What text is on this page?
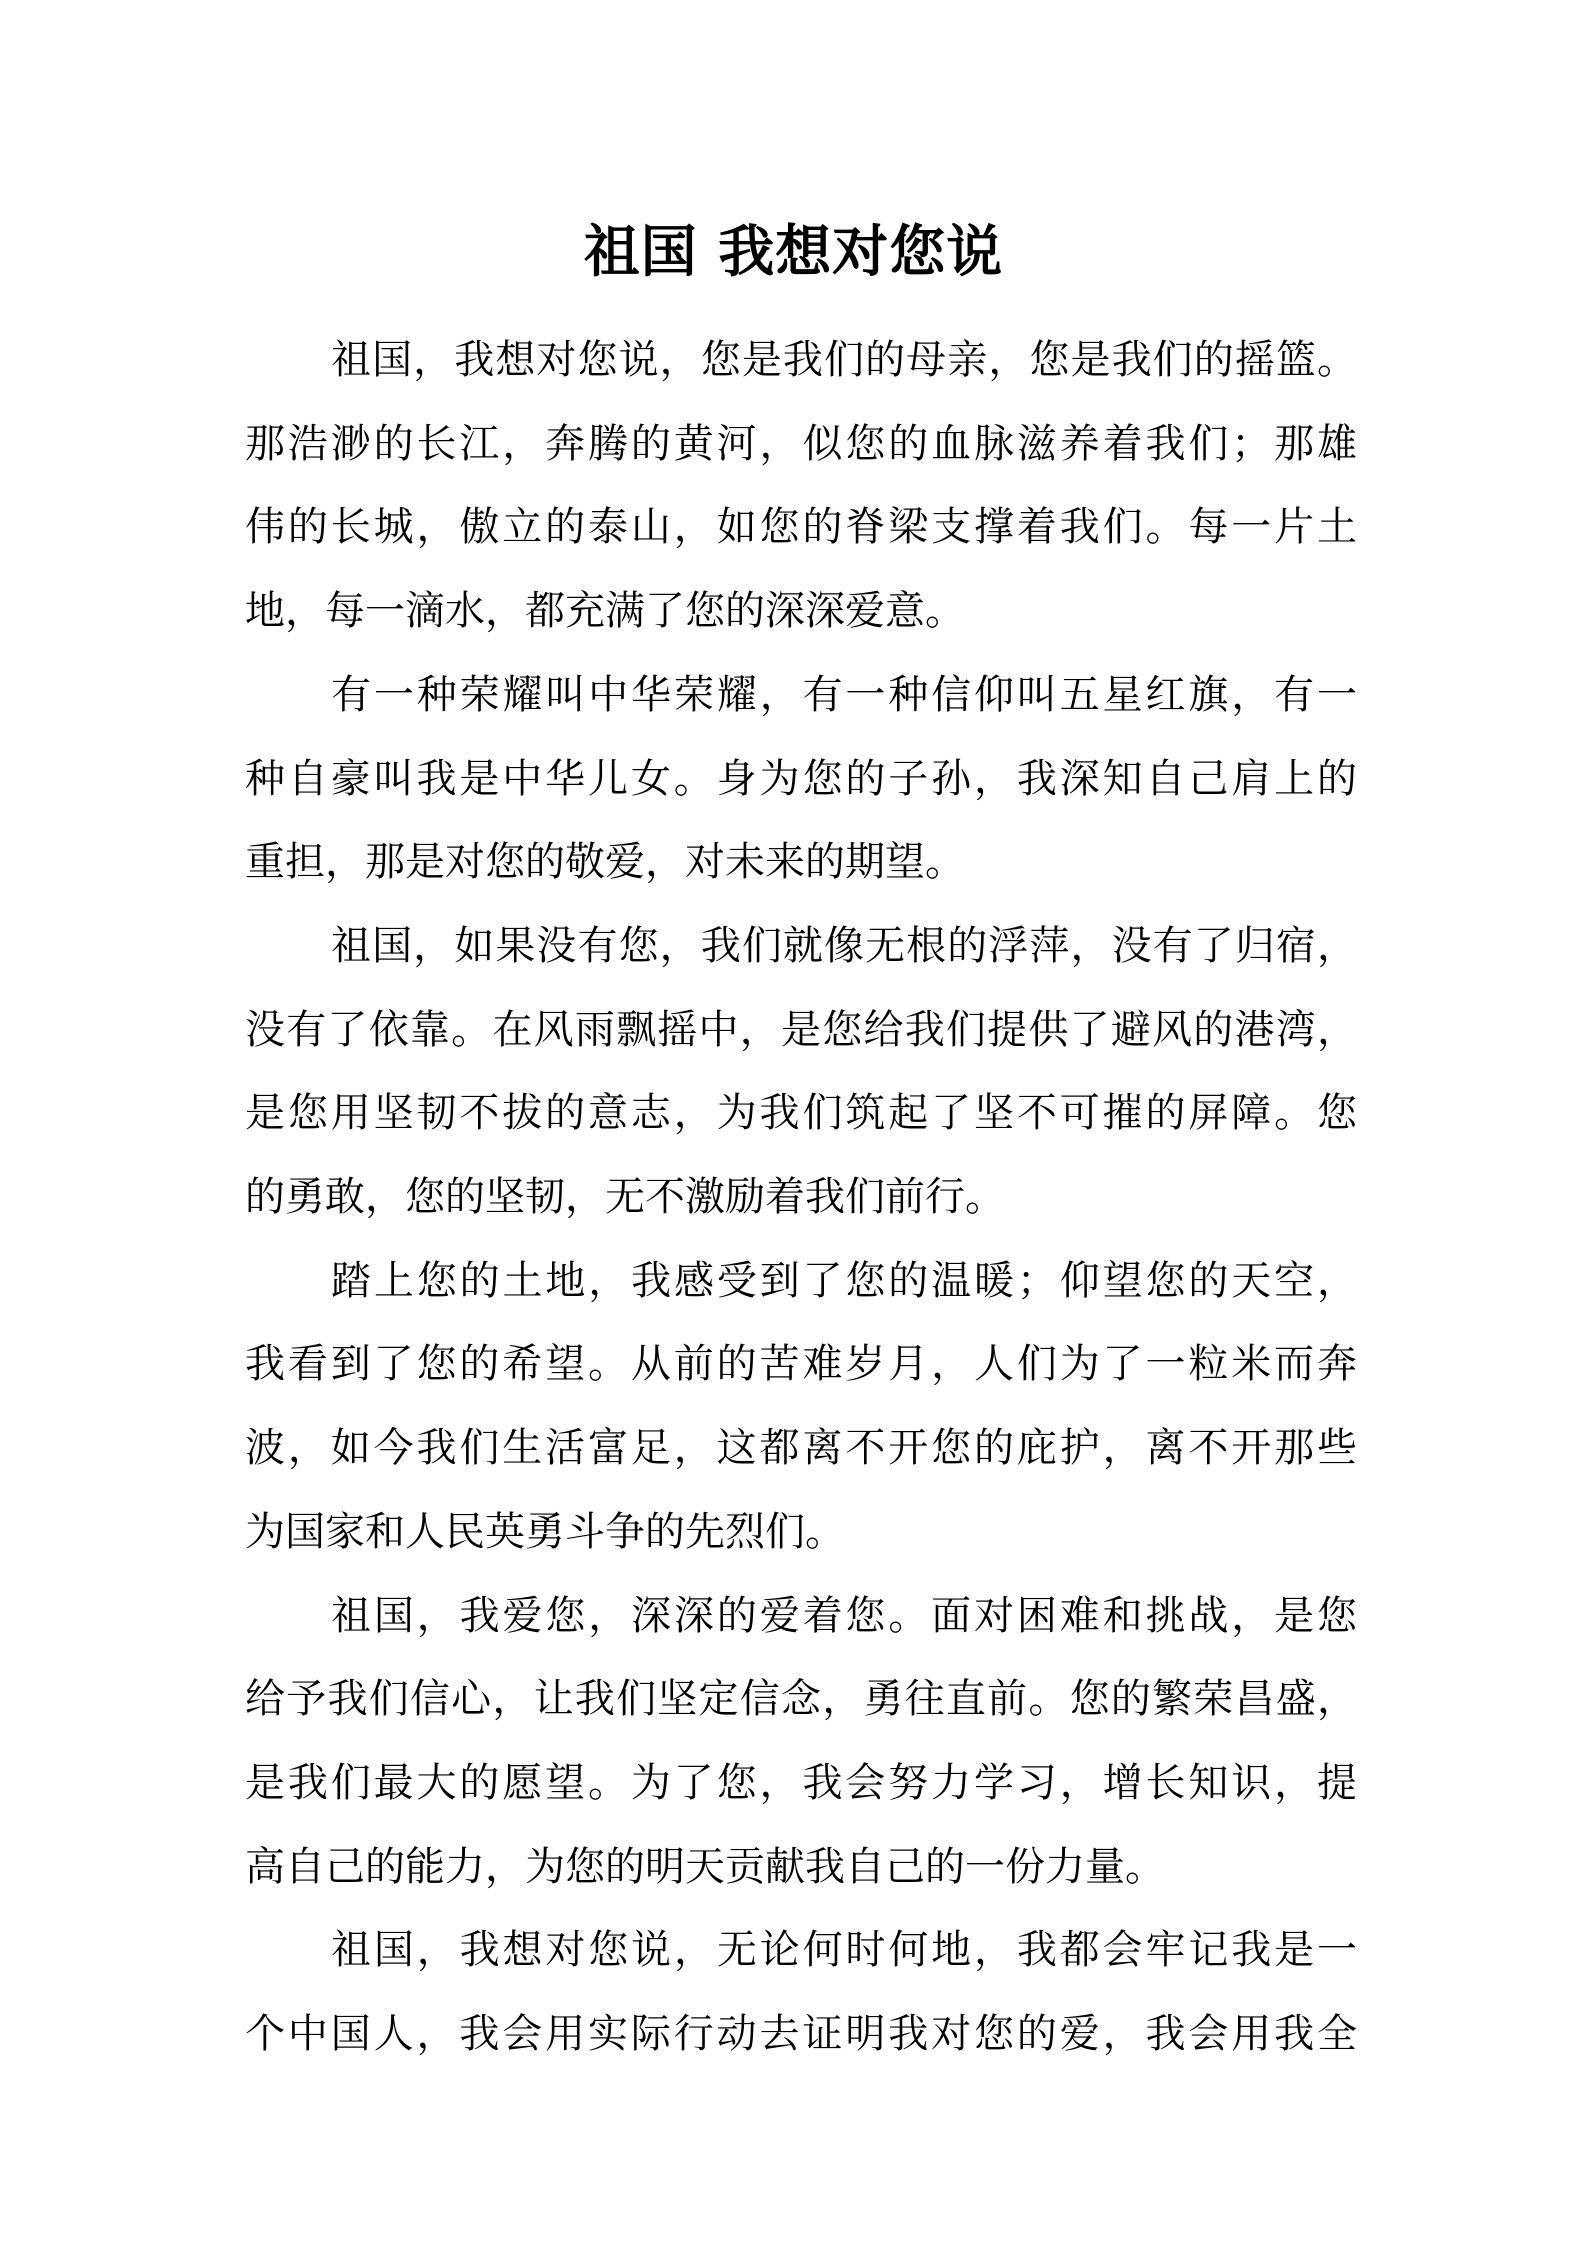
祖国 我想对您说
祖国，我想对您说，您是我们的母亲，您是我们的摇篮。
那浩渺的长江，奔腾的黄河，似您的血脉滋养着我们；那雄
伟的长城，傲立的泰山，如您的脊梁支撑着我们。每一片土
地，每一滴水，都充满了您的深深爱意。
有一种荣耀叫中华荣耀，有一种信仰叫五星红旗，有一
种自豪叫我是中华儿女。身为您的子孙，我深知自己肩上的
重担，那是对您的敬爱，对未来的期望。
祖国，如果没有您，我们就像无根的浮萍，没有了归宿，
没有了依靠。在风雨飘摇中，是您给我们提供了避风的港湾，
是您用坚韧不拔的意志，为我们筑起了坚不可摧的屏障。您
的勇敢，您的坚韧，无不激励着我们前行。
踏上您的土地，我感受到了您的温暖；仰望您的天空，
我看到了您的希望。从前的苦难岁月，人们为了一粒米而奔
波，如今我们生活富足，这都离不开您的庇护，离不开那些
为国家和人民英勇斗争的先烈们。
祖国，我爱您，深深的爱着您。面对困难和挑战，是您
给予我们信心，让我们坚定信念，勇往直前。您的繁荣昌盛，
是我们最大的愿望。为了您，我会努力学习，增长知识，提
高自己的能力，为您的明天贡献我自己的一份力量。
祖国，我想对您说，无论何时何地，我都会牢记我是一
个中国人，我会用实际行动去证明我对您的爱，我会用我全
